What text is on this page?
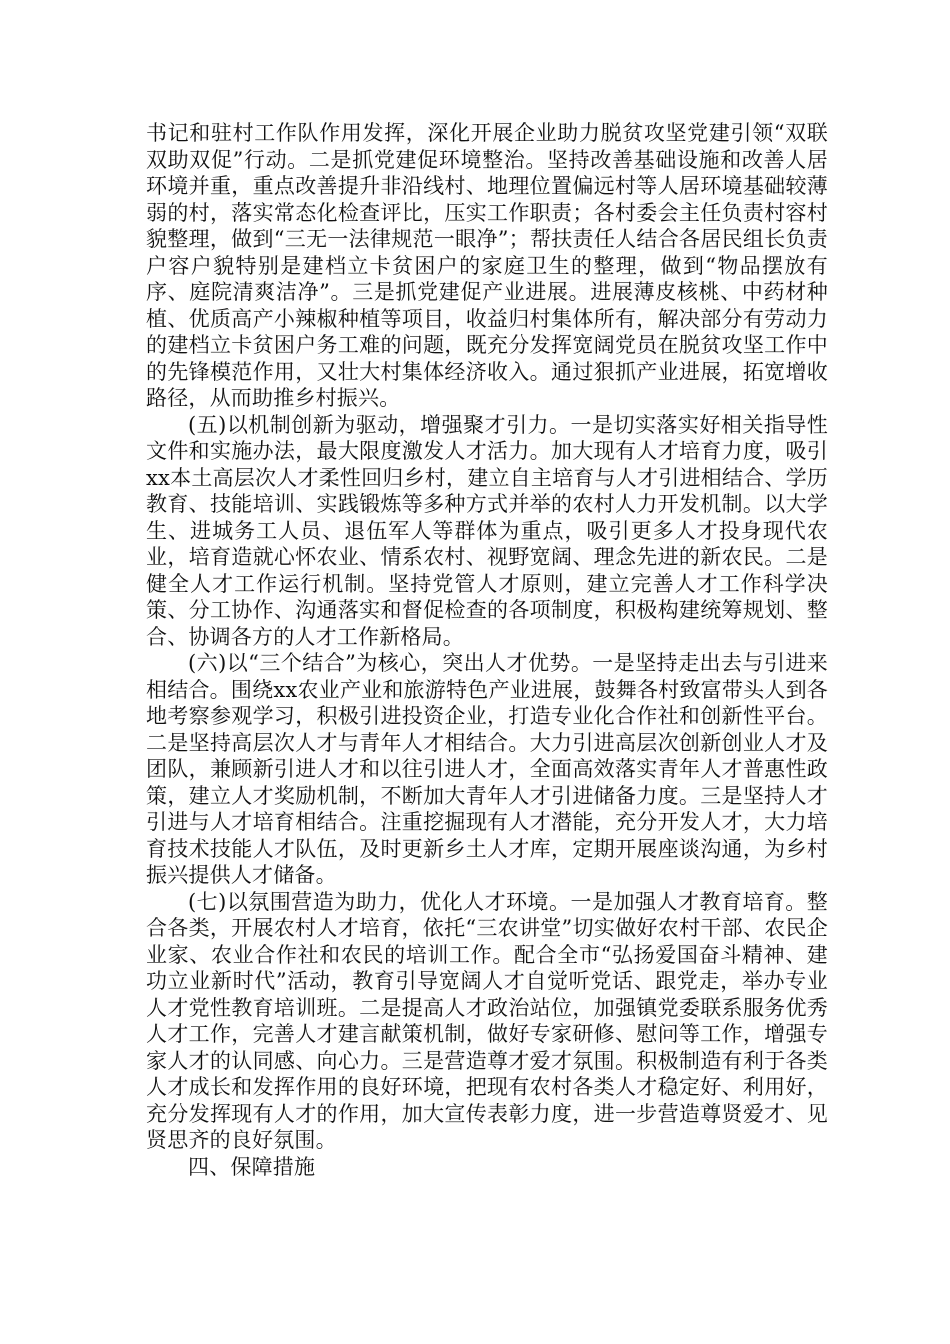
书记和驻村工作队作用发挥，深化开展企业助力脱贫攻坚党建引领“双联双助双促”行动。二是抓党建促环境整治。坚持改善基础设施和改善人居环境并重，重点改善提升非沿线村、地理位置偏远村等人居环境基础较薄弱的村，落实常态化检查评比，压实工作职责；各村委会主任负责村容村貌整理，做到“三无一法律规范一眼净”；帮扶责任人结合各居民组长负责户容户貌特别是建档立卡贫困户的家庭卫生的整理，做到“物品摆放有序、庭院清爽洁净”。三是抓党建促产业进展。进展薄皮核桃、中药材种植、优质高产小辣椒种植等项目，收益归村集体所有，解决部分有劳动力的建档立卡贫困户务工难的问题，既充分发挥宽阔党员在脱贫攻坚工作中的先锋模范作用，又壮大村集体经济收入。通过狠抓产业进展，拓宽增收路径，从而助推乡村振兴。

(五)以机制创新为驱动，增强聚才引力。一是切实落实好相关指导性文件和实施办法，最大限度激发人才活力。加大现有人才培育力度，吸引xx本土高层次人才柔性回归乡村，建立自主培育与人才引进相结合、学历教育、技能培训、实践锻炼等多种方式并举的农村人力开发机制。以大学生、进城务工人员、退伍军人等群体为重点，吸引更多人才投身现代农业，培育造就心怀农业、情系农村、视野宽阔、理念先进的新农民。二是健全人才工作运行机制。坚持党管人才原则，建立完善人才工作科学决策、分工协作、沟通落实和督促检查的各项制度，积极构建统筹规划、整合、协调各方的人才工作新格局。

(六)以“三个结合”为核心，突出人才优势。一是坚持走出去与引进来相结合。围绕xx农业产业和旅游特色产业进展，鼓舞各村致富带头人到各地考察参观学习，积极引进投资企业，打造专业化合作社和创新性平台。二是坚持高层次人才与青年人才相结合。大力引进高层次创新创业人才及团队，兼顾新引进人才和以往引进人才，全面高效落实青年人才普惠性政策，建立人才奖励机制，不断加大青年人才引进储备力度。三是坚持人才引进与人才培育相结合。注重挖掘现有人才潜能，充分开发人才，大力培育技术技能人才队伍，及时更新乡土人才库，定期开展座谈沟通，为乡村振兴提供人才储备。

(七)以氛围营造为助力，优化人才环境。一是加强人才教育培育。整合各类，开展农村人才培育，依托“三农讲堂”切实做好农村干部、农民企业家、农业合作社和农民的培训工作。配合全市“弘扬爱国奋斗精神、建功立业新时代”活动，教育引导宽阔人才自觉听党话、跟党走，举办专业人才党性教育培训班。二是提高人才政治站位，加强镇党委联系服务优秀人才工作，完善人才建言献策机制，做好专家研修、慰问等工作，增强专家人才的认同感、向心力。三是营造尊才爱才氛围。积极制造有利于各类人才成长和发挥作用的良好环境，把现有农村各类人才稳定好、利用好，充分发挥现有人才的作用，加大宣传表彰力度，进一步营造尊贤爱才、见贤思齐的良好氛围。

四、保障措施
